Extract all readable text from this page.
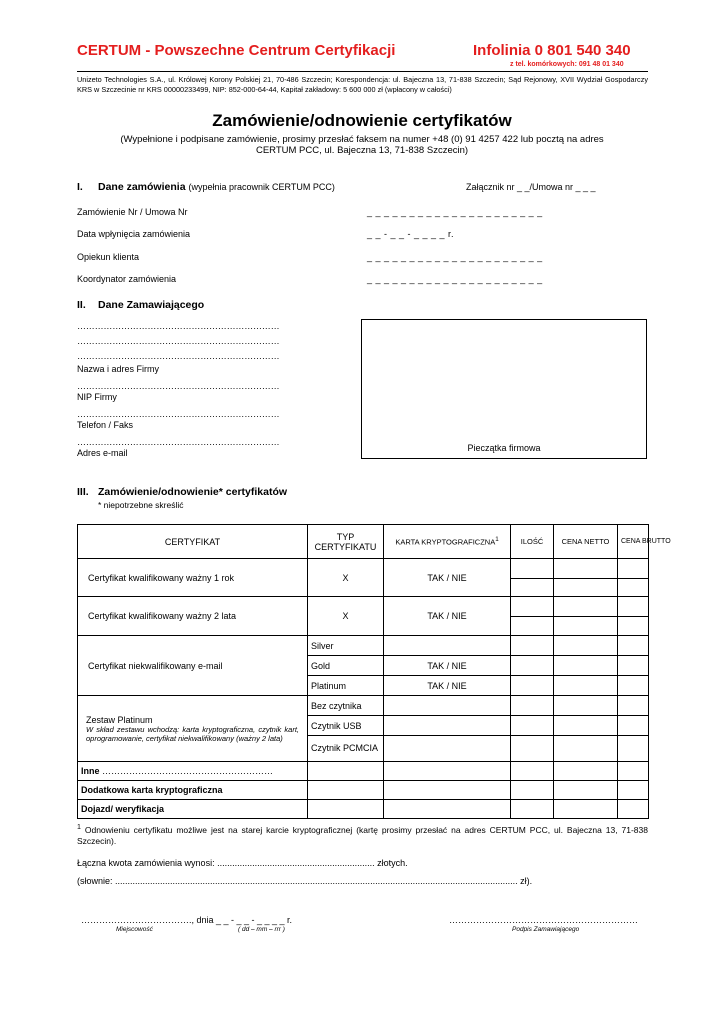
CERTUM - Powszechne Centrum Certyfikacji	Infolinia 0 801 540 340
z tel. komórkowych: 091 48 01 340
Unizeto Technologies S.A., ul. Królowej Korony Polskiej 21, 70-486 Szczecin; Korespondencja: ul. Bajeczna 13, 71-838 Szczecin; Sąd Rejonowy, XVII Wydział Gospodarczy KRS w Szczecinie nr KRS 00000233499, NIP: 852-000-64-44, Kapitał zakładowy: 5 600 000 zł (wpłacony w całości)
Zamówienie/odnowienie certyfikatów
(Wypełnione i podpisane zamówienie, prosimy przesłać faksem na numer +48 (0) 91 4257 422 lub pocztą na adres
CERTUM PCC, ul. Bajeczna 13, 71-838 Szczecin)
I. Dane zamówienia (wypełnia pracownik CERTUM PCC)	Załącznik nr _ _/Umowa nr _ _ _
Zamówienie Nr / Umowa Nr	_ _ _ _ _ _ _ _ _ _ _ _ _ _ _ _ _ _ _ _ _
Data wpłynięcia zamówienia	_ _ - _ _ - _ _ _ _ r.
Opiekun klienta	_ _ _ _ _ _ _ _ _ _ _ _ _ _ _ _ _ _ _ _ _
Koordynator zamówienia	_ _ _ _ _ _ _ _ _ _ _ _ _ _ _ _ _ _ _ _ _
II. Dane Zamawiającego
……………………………………………………………
……………………………………………………………
……………………………………………………………
Nazwa i adres Firmy
……………………………………………………………
NIP Firmy
……………………………………………………………
Telefon / Faks
……………………………………………………………
Adres e-mail	Pieczątka firmowa
III. Zamówienie/odnowienie* certyfikatów
* niepotrzebne skreślić
CERTYFIKAT	TYP CERTYFIKATU	KARTA KRYPTOGRAFICZNA$^1$	ILOŚĆ	CENA NETTO	CENA BRUTTO
Certyfikat kwalifikowany ważny 1 rok	X	TAK / NIE			

Certyfikat kwalifikowany ważny 2 lata	X	TAK / NIE			

Certyfikat niekwalifikowany e-mail	Silver				
	Gold	TAK / NIE			
	Platinum	TAK / NIE			

Zestaw Platinum
W skład zestawu wchodzą: karta kryptograficzna, czytnik kart, oprogramowanie, certyfikat niekwalifikowany (ważny 2 lata)	Bez czytnika				
	Czytnik USB				
	Czytnik PCMCIA				
Inne …………………………………………………					
Dodatkowa karta kryptograficzna					
Dojazd/ weryfikacja					
$^1$ Odnowieniu certyfikatu możliwe jest na starej karcie kryptograficznej (kartę prosimy przesłać na adres CERTUM PCC, ul. Bajeczna 13, 71-838 Szczecin).
Łączna kwota zamówienia wynosi: ............................................................... złotych.
(słownie: ................................................................................................................................................................. zł).
………………………………., dnia _ _ - _ _ - _ _ _ _ r.
Miejscowość	( dd – mm – rrr )
………………………………………………………
Podpis Zamawiającego
